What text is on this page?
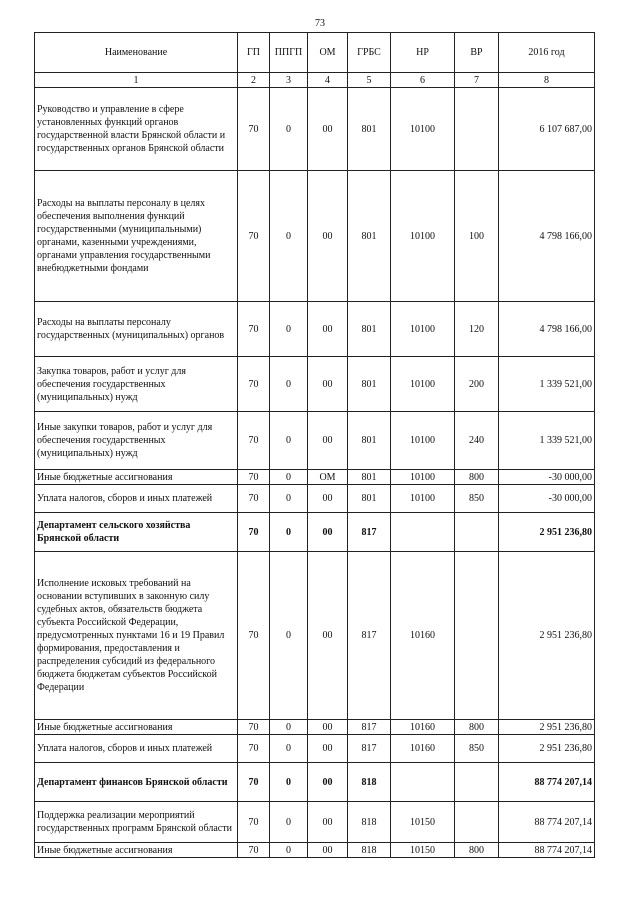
73
Наименование	ГП	ППГП	ОМ	ГРБС	НР	ВР	2016 год
1	2	3	4	5	6	7	8
Руководство и управление в сфере установленных функций органов государственной власти Брянской области и государственных органов Брянской области	70	0	00	801	10100		6 107 687,00
Расходы на выплаты персоналу в целях обеспечения выполнения функций государственными (муниципальными) органами, казенными учреждениями, органами управления государственными внебюджетными фондами	70	0	00	801	10100	100	4 798 166,00
Расходы на выплаты персоналу государственных (муниципальных) органов	70	0	00	801	10100	120	4 798 166,00
Закупка товаров, работ и услуг для обеспечения государственных (муниципальных) нужд	70	0	00	801	10100	200	1 339 521,00
Иные закупки товаров, работ и услуг для обеспечения государственных (муниципальных) нужд	70	0	00	801	10100	240	1 339 521,00
Иные бюджетные ассигнования	70	0	ОМ	801	10100	800	-30 000,00
Уплата налогов, сборов и иных платежей	70	0	00	801	10100	850	-30 000,00
Департамент сельского хозяйства Брянской области	70	0	00	817			2 951 236,80
Исполнение исковых требований на основании вступивших в законную силу судебных актов, обязательств бюджета субъекта Российской Федерации, предусмотренных пунктами 16 и 19 Правил формирования, предоставления и распределения субсидий из федерального бюджета бюджетам субъектов Российской Федерации	70	0	00	817	10160		2 951 236,80
Иные бюджетные ассигнования	70	0	00	817	10160	800	2 951 236,80
Уплата налогов, сборов и иных платежей	70	0	00	817	10160	850	2 951 236,80
Департамент финансов Брянской области	70	0	00	818			88 774 207,14
Поддержка реализации мероприятий государственных программ Брянской области	70	0	00	818	10150		88 774 207,14
Иные бюджетные ассигнования	70	0	00	818	10150	800	88 774 207,14
